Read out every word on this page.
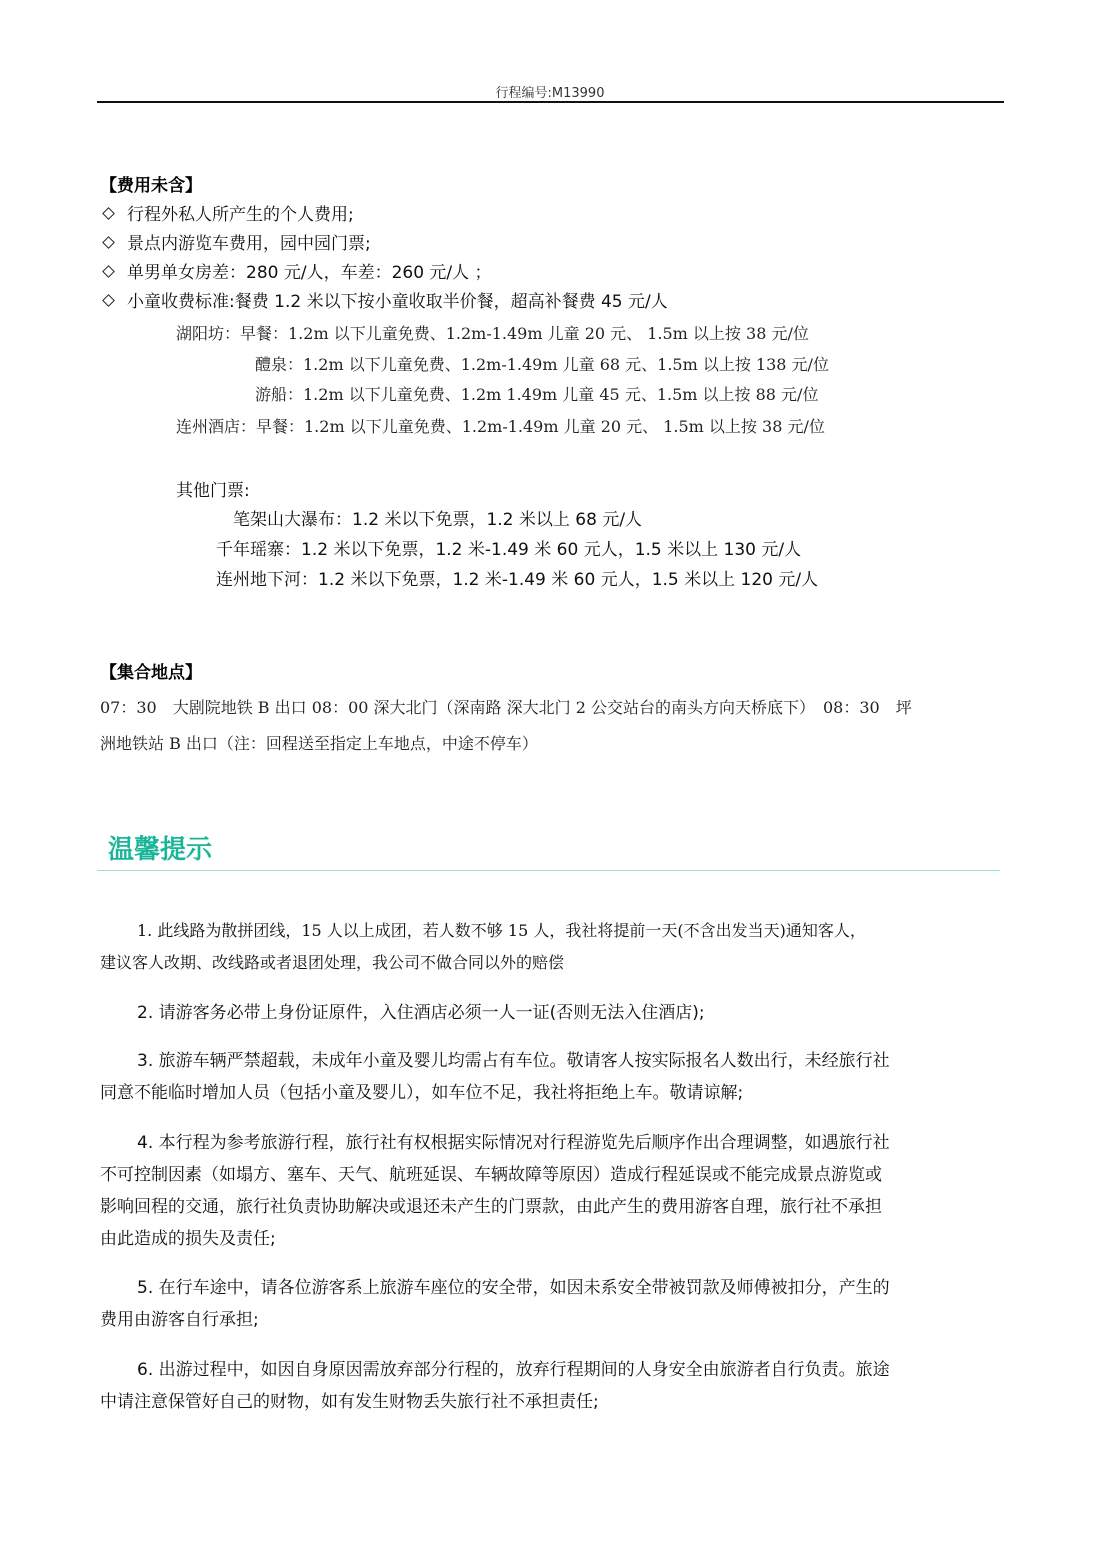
行程编号:M13990
【费用未含】
行程外私人所产生的个人费用;
景点内游览车费用，园中园门票;
单男单女房差：280 元/人，车差：260 元/人 ；
小童收费标准:餐费 1.2 米以下按小童收取半价餐，超高补餐费 45 元/人
湖阳坊：早餐：1.2m 以下儿童免费、1.2m-1.49m 儿童 20 元、 1.5m 以上按 38 元/位
醴泉：1.2m 以下儿童免费、1.2m-1.49m 儿童 68 元、1.5m 以上按 138 元/位
游船：1.2m 以下儿童免费、1.2m 1.49m 儿童 45 元、1.5m 以上按 88 元/位
连州酒店：早餐：1.2m 以下儿童免费、1.2m-1.49m 儿童 20 元、 1.5m 以上按 38 元/位
其他门票:
笔架山大瀑布：1.2 米以下免票，1.2 米以上 68 元/人
千年瑶寨：1.2 米以下免票，1.2 米-1.49 米 60 元人，1.5 米以上 130 元/人
连州地下河：1.2 米以下免票，1.2 米-1.49 米 60 元人，1.5 米以上 120 元/人
【集合地点】
07：30　大剧院地铁 B 出口 08：00 深大北门（深南路 深大北门 2 公交站台的南头方向天桥底下）　08：30　坪
洲地铁站 B 出口（注：回程送至指定上车地点，中途不停车）
温馨提示
1. 此线路为散拼团线，15 人以上成团，若人数不够 15 人，我社将提前一天(不含出发当天)通知客人，
建议客人改期、改线路或者退团处理，我公司不做合同以外的赔偿
2. 请游客务必带上身份证原件，入住酒店必须一人一证(否则无法入住酒店);
3. 旅游车辆严禁超载，未成年小童及婴儿均需占有车位。敬请客人按实际报名人数出行，未经旅行社
同意不能临时增加人员（包括小童及婴儿），如车位不足，我社将拒绝上车。敬请谅解;
4. 本行程为参考旅游行程，旅行社有权根据实际情况对行程游览先后顺序作出合理调整，如遇旅行社
不可控制因素（如塌方、塞车、天气、航班延误、车辆故障等原因）造成行程延误或不能完成景点游览或
影响回程的交通，旅行社负责协助解决或退还未产生的门票款，由此产生的费用游客自理，旅行社不承担
由此造成的损失及责任;
5. 在行车途中，请各位游客系上旅游车座位的安全带，如因未系安全带被罚款及师傅被扣分，产生的
费用由游客自行承担;
6. 出游过程中，如因自身原因需放弃部分行程的，放弃行程期间的人身安全由旅游者自行负责。旅途
中请注意保管好自己的财物，如有发生财物丢失旅行社不承担责任;
